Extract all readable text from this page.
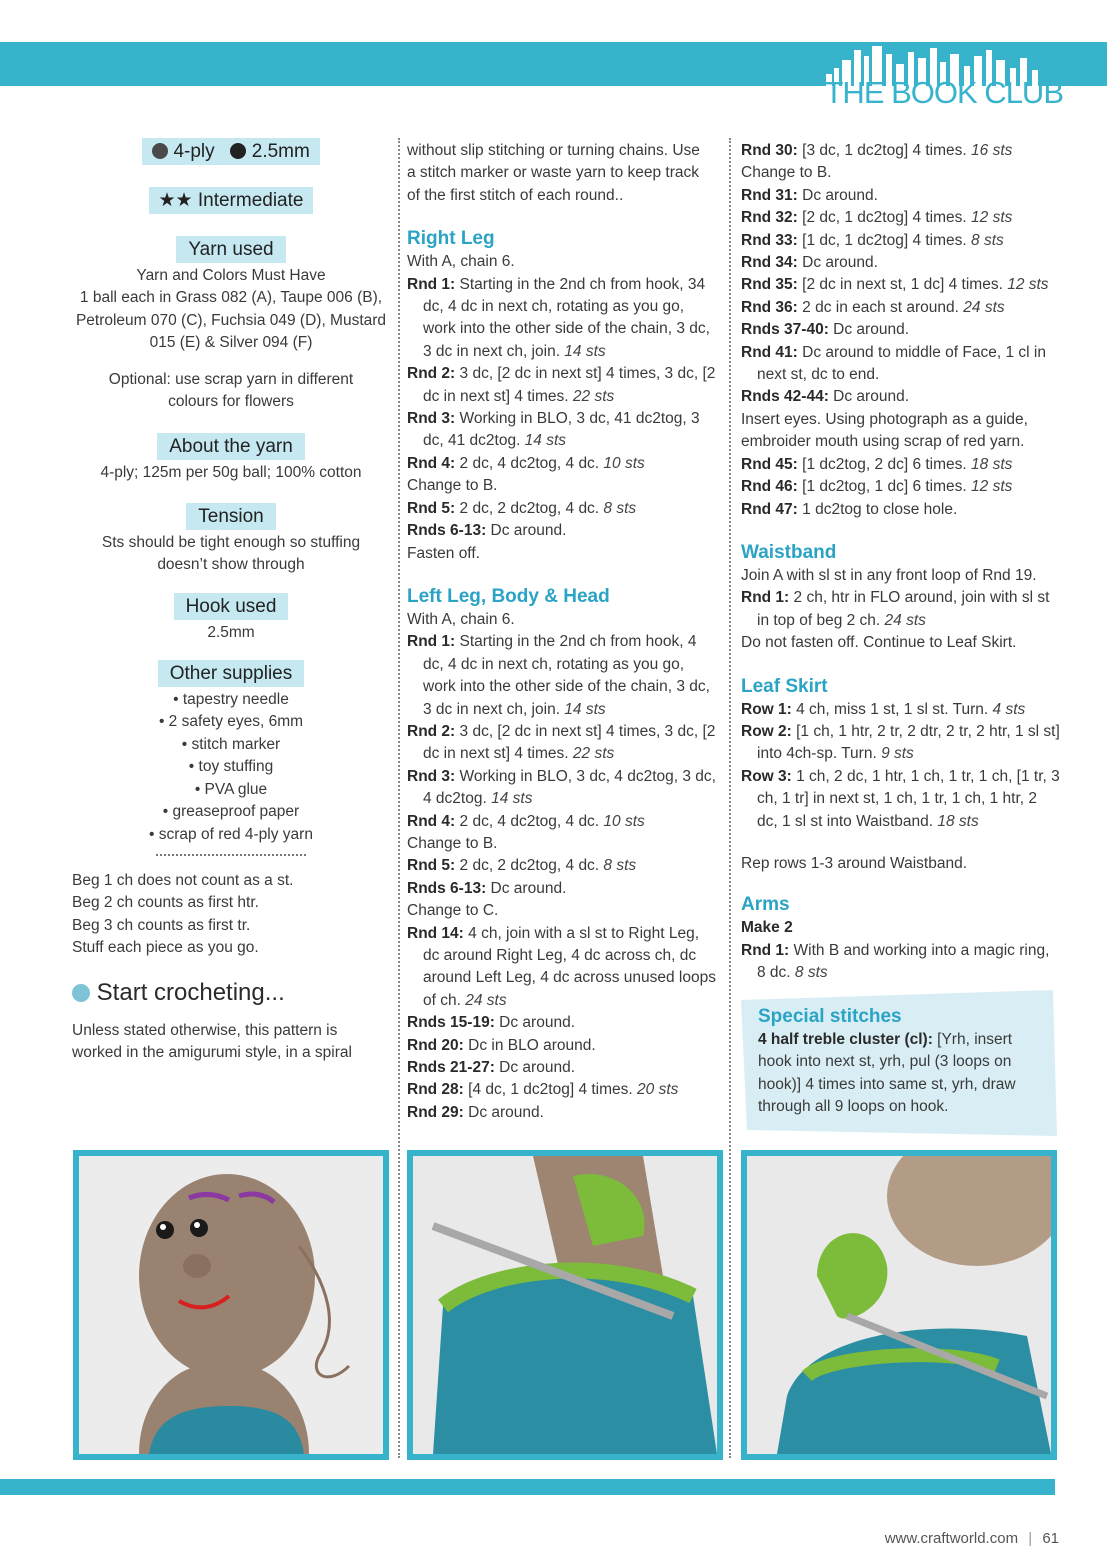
THE BOOK CLUB
4-ply 2.5mm
★★ Intermediate
Yarn used
Yarn and Colors Must Have
1 ball each in Grass 082 (A), Taupe 006 (B),
Petroleum 070 (C), Fuchsia 049 (D), Mustard
015 (E) & Silver 094 (F)
Optional: use scrap yarn in different
colours for flowers
About the yarn
4-ply; 125m per 50g ball; 100% cotton
Tension
Sts should be tight enough so stuffing
doesn’t show through
Hook used
2.5mm
Other supplies
• tapestry needle
• 2 safety eyes, 6mm
• stitch marker
• toy stuffing
• PVA glue
• greaseproof paper
• scrap of red 4-ply yarn
Beg 1 ch does not count as a st.
Beg 2 ch counts as first htr.
Beg 3 ch counts as first tr.
Stuff each piece as you go.
Start crocheting...
Unless stated otherwise, this pattern is
worked in the amigurumi style, in a spiral
without slip stitching or turning chains. Use
a stitch marker or waste yarn to keep track
of the first stitch of each round..
Right Leg
With A, chain 6.
Rnd 1: Starting in the 2nd ch from hook, 34 dc, 4 dc in next ch, rotating as you go, work into the other side of the chain, 3 dc, 3 dc in next ch, join. 14 sts
Rnd 2: 3 dc, [2 dc in next st] 4 times, 3 dc, [2 dc in next st] 4 times. 22 sts
Rnd 3: Working in BLO, 3 dc, 41 dc2tog, 3 dc, 41 dc2tog. 14 sts
Rnd 4: 2 dc, 4 dc2tog, 4 dc. 10 sts
Change to B.
Rnd 5: 2 dc, 2 dc2tog, 4 dc. 8 sts
Rnds 6-13: Dc around.
Fasten off.
Left Leg, Body & Head
With A, chain 6.
Rnd 1: Starting in the 2nd ch from hook, 4 dc, 4 dc in next ch, rotating as you go, work into the other side of the chain, 3 dc, 3 dc in next ch, join. 14 sts
Rnd 2: 3 dc, [2 dc in next st] 4 times, 3 dc, [2 dc in next st] 4 times. 22 sts
Rnd 3: Working in BLO, 3 dc, 4 dc2tog, 3 dc, 4 dc2tog. 14 sts
Rnd 4: 2 dc, 4 dc2tog, 4 dc. 10 sts
Change to B.
Rnd 5: 2 dc, 2 dc2tog, 4 dc. 8 sts
Rnds 6-13: Dc around.
Change to C.
Rnd 14: 4 ch, join with a sl st to Right Leg, dc around Right Leg, 4 dc across ch, dc around Left Leg, 4 dc across unused loops of ch. 24 sts
Rnds 15-19: Dc around.
Rnd 20: Dc in BLO around.
Rnds 21-27: Dc around.
Rnd 28: [4 dc, 1 dc2tog] 4 times. 20 sts
Rnd 29: Dc around.
Rnd 30: [3 dc, 1 dc2tog] 4 times. 16 sts
Change to B.
Rnd 31: Dc around.
Rnd 32: [2 dc, 1 dc2tog] 4 times. 12 sts
Rnd 33: [1 dc, 1 dc2tog] 4 times. 8 sts
Rnd 34: Dc around.
Rnd 35: [2 dc in next st, 1 dc] 4 times. 12 sts
Rnd 36: 2 dc in each st around. 24 sts
Rnds 37-40: Dc around.
Rnd 41: Dc around to middle of Face, 1 cl in next st, dc to end.
Rnds 42-44: Dc around.
Insert eyes. Using photograph as a guide, embroider mouth using scrap of red yarn.
Rnd 45: [1 dc2tog, 2 dc] 6 times. 18 sts
Rnd 46: [1 dc2tog, 1 dc] 6 times. 12 sts
Rnd 47: 1 dc2tog to close hole.
Waistband
Join A with sl st in any front loop of Rnd 19.
Rnd 1: 2 ch, htr in FLO around, join with sl st in top of beg 2 ch. 24 sts
Do not fasten off. Continue to Leaf Skirt.
Leaf Skirt
Row 1: 4 ch, miss 1 st, 1 sl st. Turn. 4 sts
Row 2: [1 ch, 1 htr, 2 tr, 2 dtr, 2 tr, 2 htr, 1 sl st] into 4ch-sp. Turn. 9 sts
Row 3: 1 ch, 2 dc, 1 htr, 1 ch, 1 tr, 1 ch, [1 tr, 3 ch, 1 tr] in next st, 1 ch, 1 tr, 1 ch, 1 htr, 2 dc, 1 sl st into Waistband. 18 sts
Rep rows 1-3 around Waistband.
Arms
Make 2
Rnd 1: With B and working into a magic ring, 8 dc. 8 sts
Special stitches
4 half treble cluster (cl): [Yrh, insert hook into next st, yrh, pul (3 loops on hook)] 4 times into same st, yrh, draw through all 9 loops on hook.
www.craftworld.com | 61
